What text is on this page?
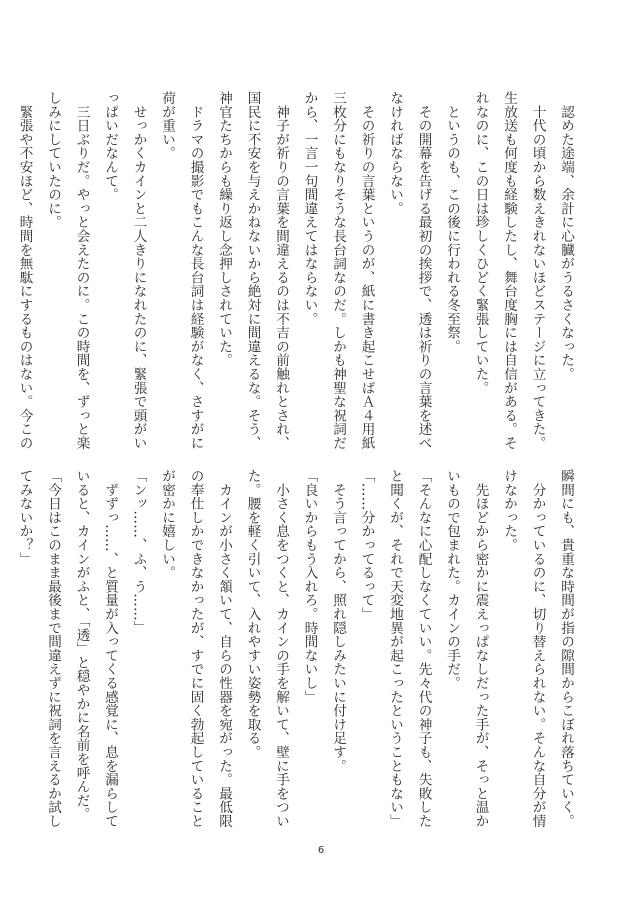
　認めた途端、余計に心臓がうるさくなった。
　十代の頃から数えきれないほどステージに立ってきた。
生放送も何度も経験したし、舞台度胸には自信がある。そ
れなのに、この日は珍しくひどく緊張していた。
　というのも、この後に行われる冬至祭。
　その開幕を告げる最初の挨拶で、透は祈りの言葉を述べ
なければならない。
　その祈りの言葉というのが、紙に書き起こせばＡ４用紙
三枚分にもなりそうな長台詞なのだ。しかも神聖な祝詞だ
から、一言一句間違えてはならない。
　神子が祈りの言葉を間違えるのは不吉の前触れとされ、
国民に不安を与えかねないから絶対に間違えるな。そう、
神官たちからも繰り返し念押しされていた。
　ドラマの撮影でもこんな長台詞は経験がなく、さすがに
荷が重い。
　せっかくカインと二人きりになれたのに、緊張で頭がい
っぱいだなんて。
　三日ぶりだ。やっと会えたのに。この時間を、ずっと楽
しみにしていたのに。
　緊張や不安ほど、時間を無駄にするものはない。今この
瞬間にも、貴重な時間が指の隙間からこぼれ落ちていく。
　分かっているのに、切り替えられない。そんな自分が情
けなかった。
　先ほどから密かに震えっぱなしだった手が、そっと温か
いもので包まれた。カインの手だ。
「そんなに心配しなくていい。先々代の神子も、失敗した
と聞くが、それで天変地異が起こったということもない」
「……分かってるって」
　そう言ってから、照れ隠しみたいに付け足す。
「良いからもう入れろ。時間ないし」
　小さく息をつくと、カインの手を解いて、壁に手をつい
た。腰を軽く引いて、入れやすい姿勢を取る。
　カインが小さく頷いて、自らの性器を宛がった。最低限
の奉仕しかできなかったが、すでに固く勃起していること
が密かに嬉しい。
「ンッ……、ふ、う……」
　ずずっ……、と質量が入ってくる感覚に、息を漏らして
いると、カインがふと、「透」と穏やかに名前を呼んだ。
「今日はこのまま最後まで間違えずに祝詞を言えるか試し
てみないか？」
6
